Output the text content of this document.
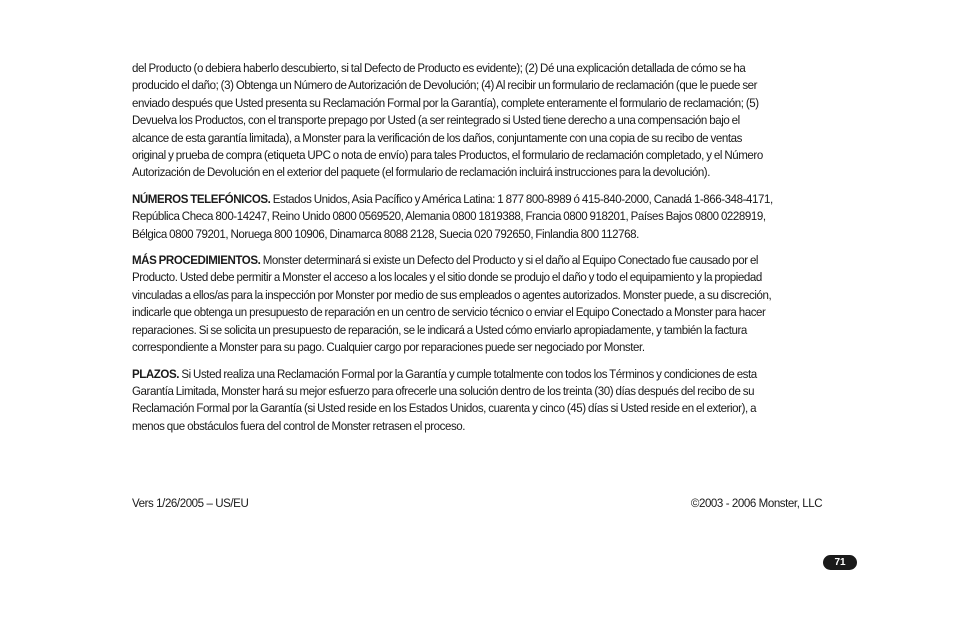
del Producto (o debiera haberlo descubierto, si tal Defecto de Producto es evidente); (2) Dé una explicación detallada de cómo se ha producido el daño; (3) Obtenga un Número de Autorización de Devolución; (4) Al recibir un formulario de reclamación (que le puede ser enviado después que Usted presenta su Reclamación Formal por la Garantía), complete enteramente el formulario de reclamación; (5) Devuelva los Productos, con el transporte prepago por Usted (a ser reintegrado si Usted tiene derecho a una compensación bajo el alcance de esta garantía limitada), a Monster para la verificación de los daños, conjuntamente con una copia de su recibo de ventas original y prueba de compra (etiqueta UPC o nota de envío) para tales Productos, el formulario de reclamación completado, y el Número Autorización de Devolución en el exterior del paquete (el formulario de reclamación incluirá instrucciones para la devolución).

NÚMEROS TELEFÓNICOS. Estados Unidos, Asia Pacífico y América Latina: 1 877 800-8989 ó 415-840-2000, Canadá 1-866-348-4171, República Checa 800-14247, Reino Unido 0800 0569520, Alemania 0800 1819388, Francia 0800 918201, Países Bajos 0800 0228919, Bélgica 0800 79201, Noruega 800 10906, Dinamarca 8088 2128, Suecia 020 792650, Finlandia 800 112768.

MÁS PROCEDIMIENTOS. Monster determinará si existe un Defecto del Producto y si el daño al Equipo Conectado fue causado por el Producto. Usted debe permitir a Monster el acceso a los locales y el sitio donde se produjo el daño y todo el equipamiento y la propiedad vinculadas a ellos/as para la inspección por Monster por medio de sus empleados o agentes autorizados. Monster puede, a su discreción, indicarle que obtenga un presupuesto de reparación en un centro de servicio técnico o enviar el Equipo Conectado a Monster para hacer reparaciones. Si se solicita un presupuesto de reparación, se le indicará a Usted cómo enviarlo apropiadamente, y también la factura correspondiente a Monster para su pago. Cualquier cargo por reparaciones puede ser negociado por Monster.

PLAZOS. Si Usted realiza una Reclamación Formal por la Garantía y cumple totalmente con todos los Términos y condiciones de esta Garantía Limitada, Monster hará su mejor esfuerzo para ofrecerle una solución dentro de los treinta (30) días después del recibo de su Reclamación Formal por la Garantía (si Usted reside en los Estados Unidos, cuarenta y cinco (45) días si Usted reside en el exterior), a menos que obstáculos fuera del control de Monster retrasen el proceso.

Vers 1/26/2005 – US/EU	©2003 - 2006 Monster, LLC
71
